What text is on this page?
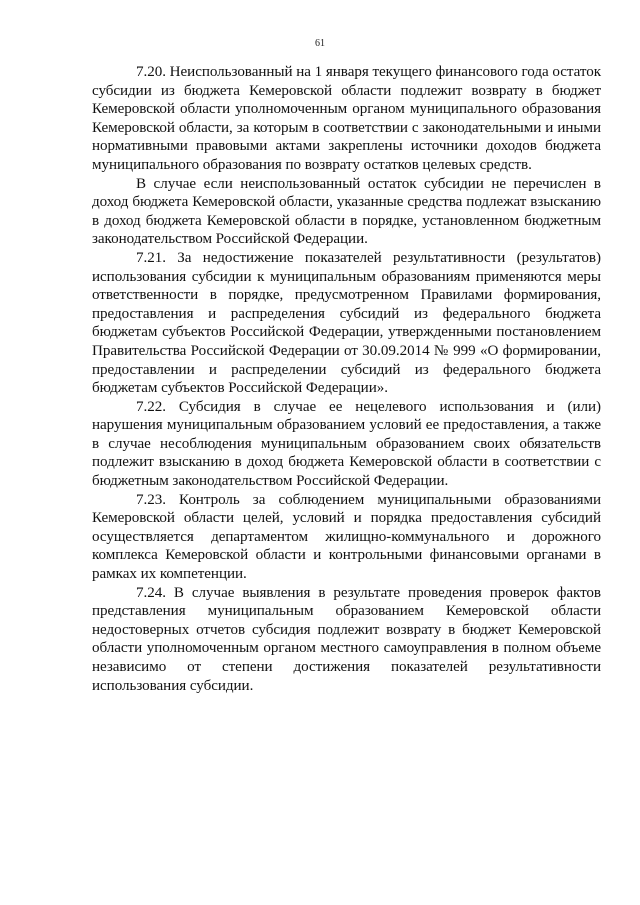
61

7.20. Неиспользованный на 1 января текущего финансового года остаток субсидии из бюджета Кемеровской области подлежит возврату в бюджет Кемеровской области уполномоченным органом муниципального образования Кемеровской области, за которым в соответствии с законодательными и иными нормативными правовыми актами закреплены источники доходов бюджета муниципального образования по возврату остатков целевых средств.

В случае если неиспользованный остаток субсидии не перечислен в доход бюджета Кемеровской области, указанные средства подлежат взысканию в доход бюджета Кемеровской области в порядке, установленном бюджетным законодательством Российской Федерации.

7.21. За недостижение показателей результативности (результатов) использования субсидии к муниципальным образованиям применяются меры ответственности в порядке, предусмотренном Правилами формирования, предоставления и распределения субсидий из федерального бюджета бюджетам субъектов Российской Федерации, утвержденными постановлением Правительства Российской Федерации от 30.09.2014 № 999 «О формировании, предоставлении и распределении субсидий из федерального бюджета бюджетам субъектов Российской Федерации».

7.22. Субсидия в случае ее нецелевого использования и (или) нарушения муниципальным образованием условий ее предоставления, а также в случае несоблюдения муниципальным образованием своих обязательств подлежит взысканию в доход бюджета Кемеровской области в соответствии с бюджетным законодательством Российской Федерации.

7.23. Контроль за соблюдением муниципальными образованиями Кемеровской области целей, условий и порядка предоставления субсидий осуществляется департаментом жилищно-коммунального и дорожного комплекса Кемеровской области и контрольными финансовыми органами в рамках их компетенции.

7.24. В случае выявления в результате проведения проверок фактов представления муниципальным образованием Кемеровской области недостоверных отчетов субсидия подлежит возврату в бюджет Кемеровской области уполномоченным органом местного самоуправления в полном объеме независимо от степени достижения показателей результативности использования субсидии.
